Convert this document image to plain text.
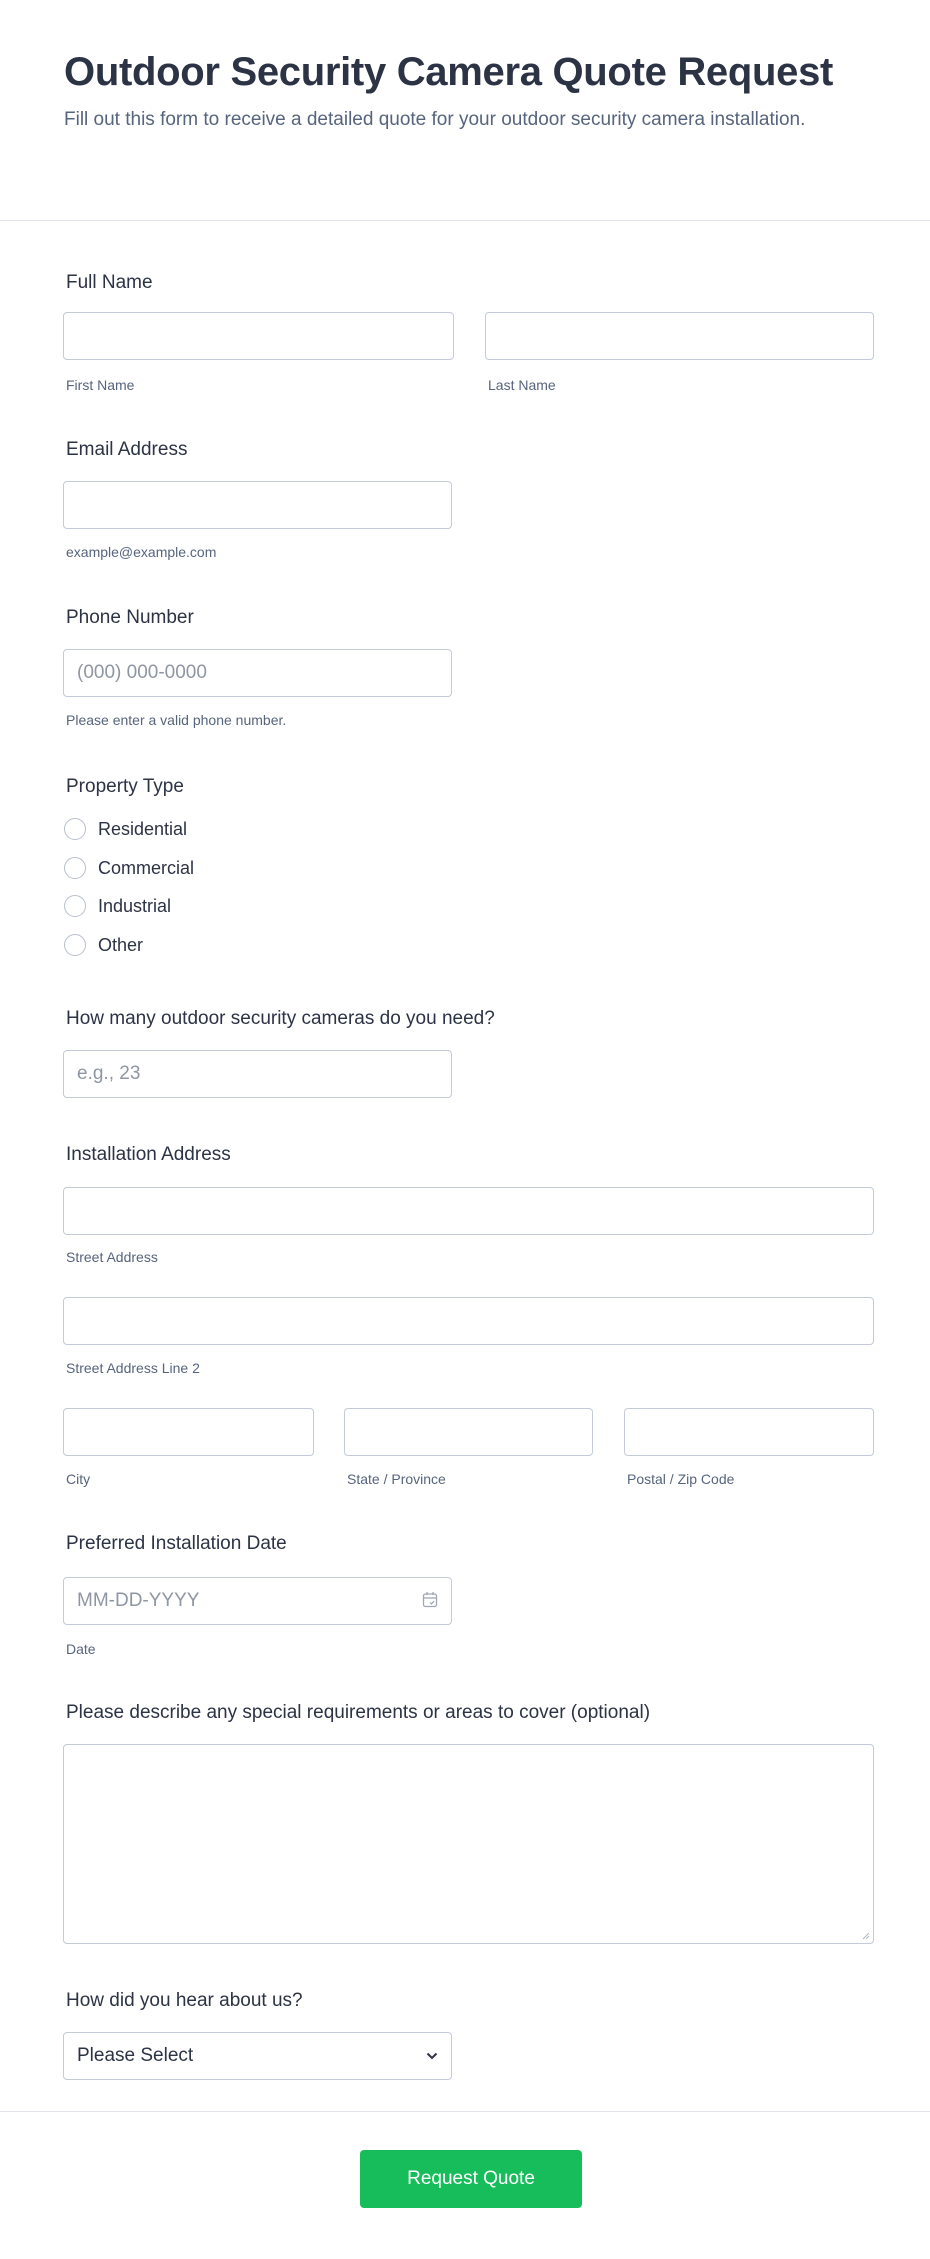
Outdoor Security Camera Quote Request
Fill out this form to receive a detailed quote for your outdoor security camera installation.
Full Name
First Name	Last Name
Email Address
example@example.com
Phone Number
(000) 000-0000
Please enter a valid phone number.
Property Type
Residential
Commercial
Industrial
Other
How many outdoor security cameras do you need?
e.g., 23
Installation Address
Street Address
Street Address Line 2
City	State / Province	Postal / Zip Code
Preferred Installation Date
MM-DD-YYYY
Date
Please describe any special requirements or areas to cover (optional)
How did you hear about us?
Please Select
Request Quote
